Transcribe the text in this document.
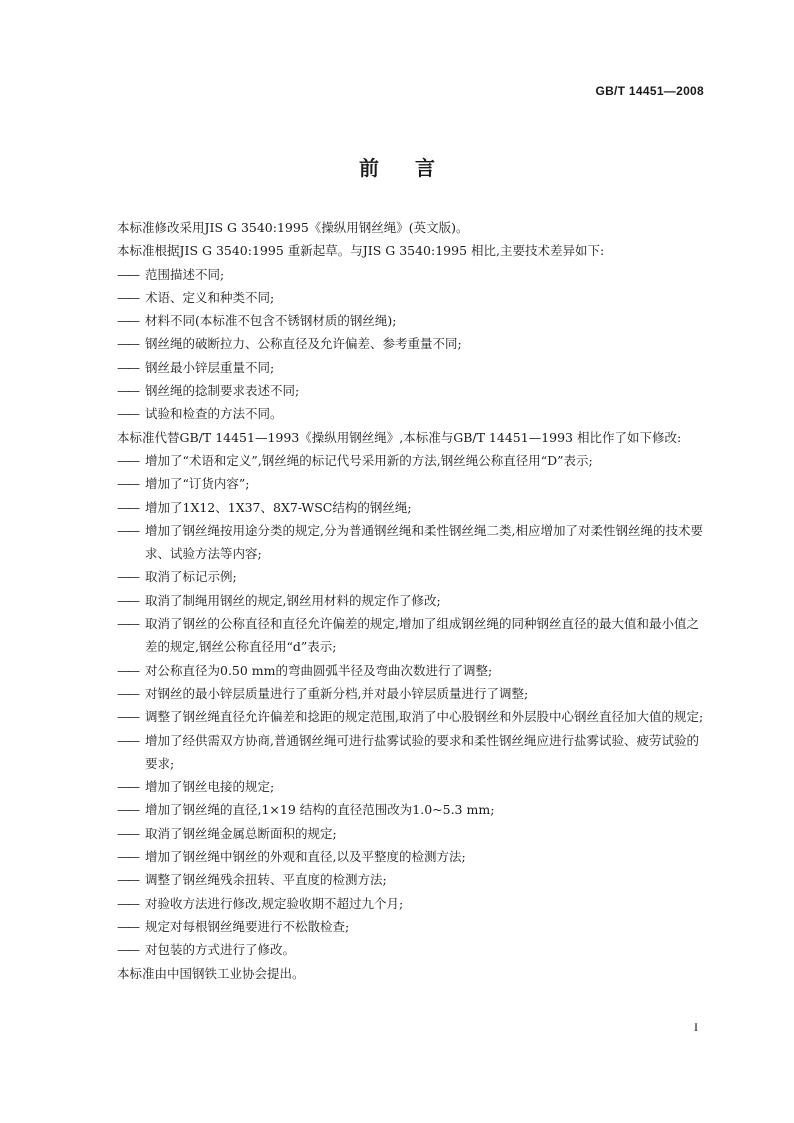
GB/T 14451—2008
前言

本标准修改采用JIS G 3540:1995《操纵用钢丝绳》(英文版)。

本标准根据JIS G 3540:1995 重新起草。与JIS G 3540:1995 相比,主要技术差异如下:

—— 范围描述不同;

—— 术语、定义和种类不同;

—— 材料不同(本标准不包含不锈钢材质的钢丝绳);

—— 钢丝绳的破断拉力、公称直径及允许偏差、参考重量不同;

—— 钢丝最小锌层重量不同;

—— 钢丝绳的捻制要求表述不同;

—— 试验和检查的方法不同。

本标准代替GB/T 14451—1993《操纵用钢丝绳》,本标准与GB/T 14451—1993 相比作了如下修改:

—— 增加了“术语和定义”,钢丝绳的标记代号采用新的方法,钢丝绳公称直径用“D”表示;

—— 增加了“订货内容”;

—— 增加了1X12、1X37、8X7-WSC结构的钢丝绳;

—— 增加了钢丝绳按用途分类的规定,分为普通钢丝绳和柔性钢丝绳二类,相应增加了对柔性钢丝绳的技术要求、试验方法等内容;

—— 取消了标记示例;

—— 取消了制绳用钢丝的规定,钢丝用材料的规定作了修改;

—— 取消了钢丝的公称直径和直径允许偏差的规定,增加了组成钢丝绳的同种钢丝直径的最大值和最小值之差的规定,钢丝公称直径用“d”表示;

—— 对公称直径为0.50 mm的弯曲圆弧半径及弯曲次数进行了调整;

—— 对钢丝的最小锌层质量进行了重新分档,并对最小锌层质量进行了调整;

—— 调整了钢丝绳直径允许偏差和捻距的规定范围,取消了中心股钢丝和外层股中心钢丝直径加大值的规定;

—— 增加了经供需双方协商,普通钢丝绳可进行盐雾试验的要求和柔性钢丝绳应进行盐雾试验、疲劳试验的要求;

—— 增加了钢丝电接的规定;

—— 增加了钢丝绳的直径,1×19 结构的直径范围改为1.0~5.3 mm;

—— 取消了钢丝绳金属总断面积的规定;

—— 增加了钢丝绳中钢丝的外观和直径,以及平整度的检测方法;

—— 调整了钢丝绳残余扭转、平直度的检测方法;

—— 对验收方法进行修改,规定验收期不超过九个月;

—— 规定对每根钢丝绳要进行不松散检查;

—— 对包装的方式进行了修改。

本标准由中国钢铁工业协会提出。

I
